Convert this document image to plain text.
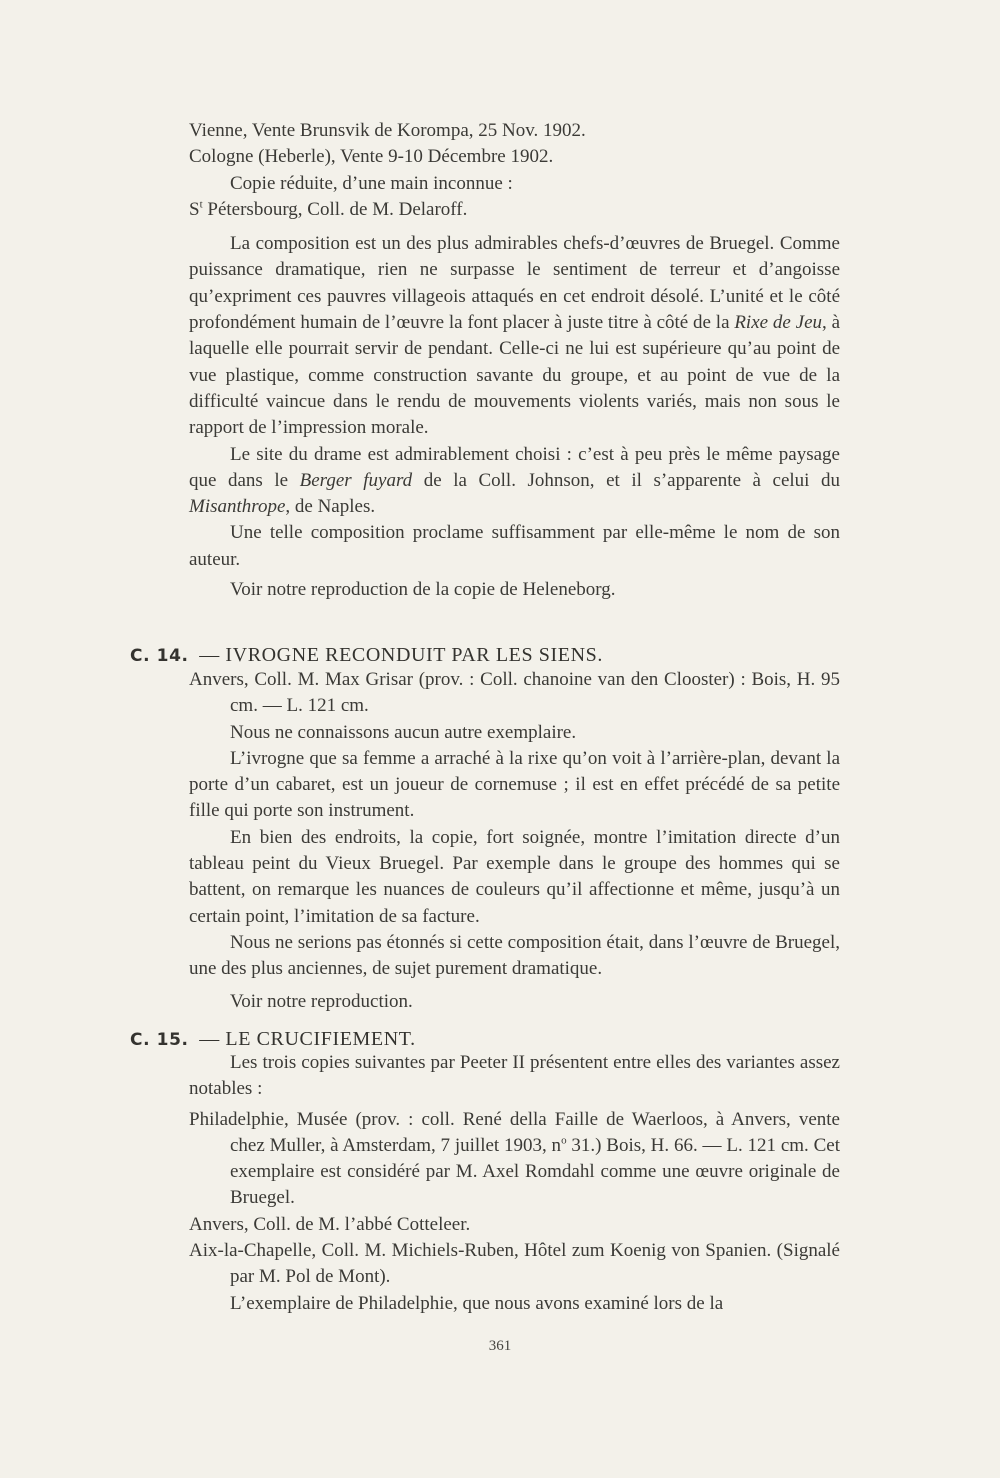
Vienne, Vente Brunsvik de Korompa, 25 Nov. 1902.

Cologne (Heberle), Vente 9-10 Décembre 1902.

Copie réduite, d’une main inconnue :

$S^t$ Pétersbourg, Coll. de M. Delaroff.

La composition est un des plus admirables chefs-d’œuvres de Bruegel. Comme puissance dramatique, rien ne surpasse le sentiment de terreur et d’angoisse qu’expriment ces pauvres villageois attaqués en cet endroit désolé. L’unité et le côté profondément humain de l’œuvre la font placer à juste titre à côté de la Rixe de Jeu, à laquelle elle pourrait servir de pendant. Celle-ci ne lui est supérieure qu’au point de vue plastique, comme construction savante du groupe, et au point de vue de la difficulté vaincue dans le rendu de mouvements violents variés, mais non sous le rapport de l’impression morale.

Le site du drame est admirablement choisi : c’est à peu près le même paysage que dans le Berger fuyard de la Coll. Johnson, et il s’apparente à celui du Misanthrope, de Naples.

Une telle composition proclame suffisamment par elle-même le nom de son auteur.

Voir notre reproduction de la copie de Heleneborg.

C. 14. — IVROGNE RECONDUIT PAR LES SIENS.

Anvers, Coll. M. Max Grisar (prov. : Coll. chanoine van den Clooster) : Bois, H. 95 cm. — L. 121 cm.

Nous ne connaissons aucun autre exemplaire.

L’ivrogne que sa femme a arraché à la rixe qu’on voit à l’arrière-plan, devant la porte d’un cabaret, est un joueur de cornemuse ; il est en effet précédé de sa petite fille qui porte son instrument.

En bien des endroits, la copie, fort soignée, montre l’imitation directe d’un tableau peint du Vieux Bruegel. Par exemple dans le groupe des hommes qui se battent, on remarque les nuances de couleurs qu’il affectionne et même, jusqu’à un certain point, l’imitation de sa facture.

Nous ne serions pas étonnés si cette composition était, dans l’œuvre de Bruegel, une des plus anciennes, de sujet purement dramatique.

Voir notre reproduction.

C. 15. — LE CRUCIFIEMENT.

Les trois copies suivantes par Peeter II présentent entre elles des variantes assez notables :

Philadelphie, Musée (prov. : coll. René della Faille de Waerloos, à Anvers, vente chez Muller, à Amsterdam, 7 juillet 1903, $n^o$ 31.) Bois, H. 66. — L. 121 cm. Cet exemplaire est considéré par M. Axel Romdahl comme une œuvre originale de Bruegel.

Anvers, Coll. de M. l’abbé Cotteleer.

Aix-la-Chapelle, Coll. M. Michiels-Ruben, Hôtel zum Koenig von Spanien. (Signalé par M. Pol de Mont).

L’exemplaire de Philadelphie, que nous avons examiné lors de la

361
